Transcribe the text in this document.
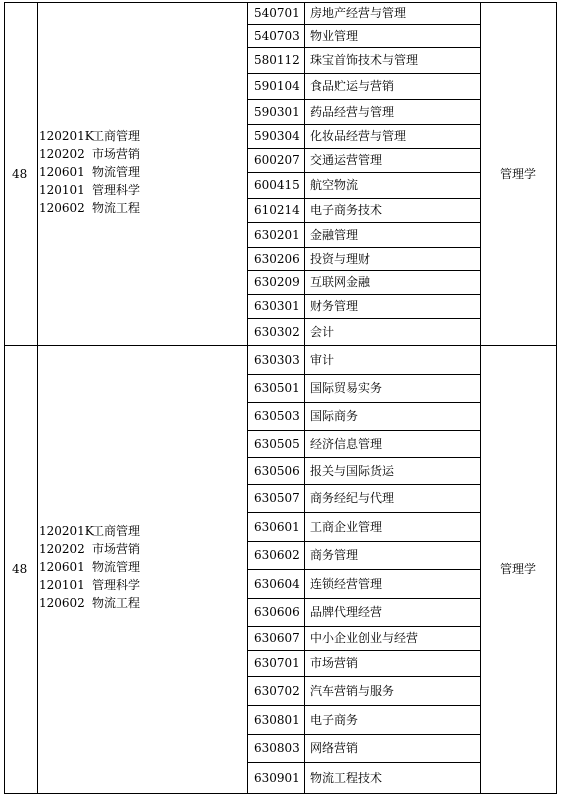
48
120201K
工商管理
120202 市场营销
120601 物流管理
120101 管理科学
120602 物流工程
管理学
540701 房地产经营与管理
540703 物业管理
580112 珠宝首饰技术与管理
590104 食品贮运与营销
590301 药品经营与管理
590304 化妆品经营与管理
600207 交通运营管理
600415 航空物流
610214 电子商务技术
630201 金融管理
630206 投资与理财
630209 互联网金融
630301 财务管理
630302 会计
48
120201K
工商管理
120202 市场营销
120601 物流管理
120101 管理科学
120602 物流工程
管理学
630303 审计
630501 国际贸易实务
630503 国际商务
630505 经济信息管理
630506 报关与国际货运
630507 商务经纪与代理
630601 工商企业管理
630602 商务管理
630604 连锁经营管理
630606 品牌代理经营
630607 中小企业创业与经营
630701 市场营销
630702 汽车营销与服务
630801 电子商务
630803 网络营销
630901 物流工程技术
